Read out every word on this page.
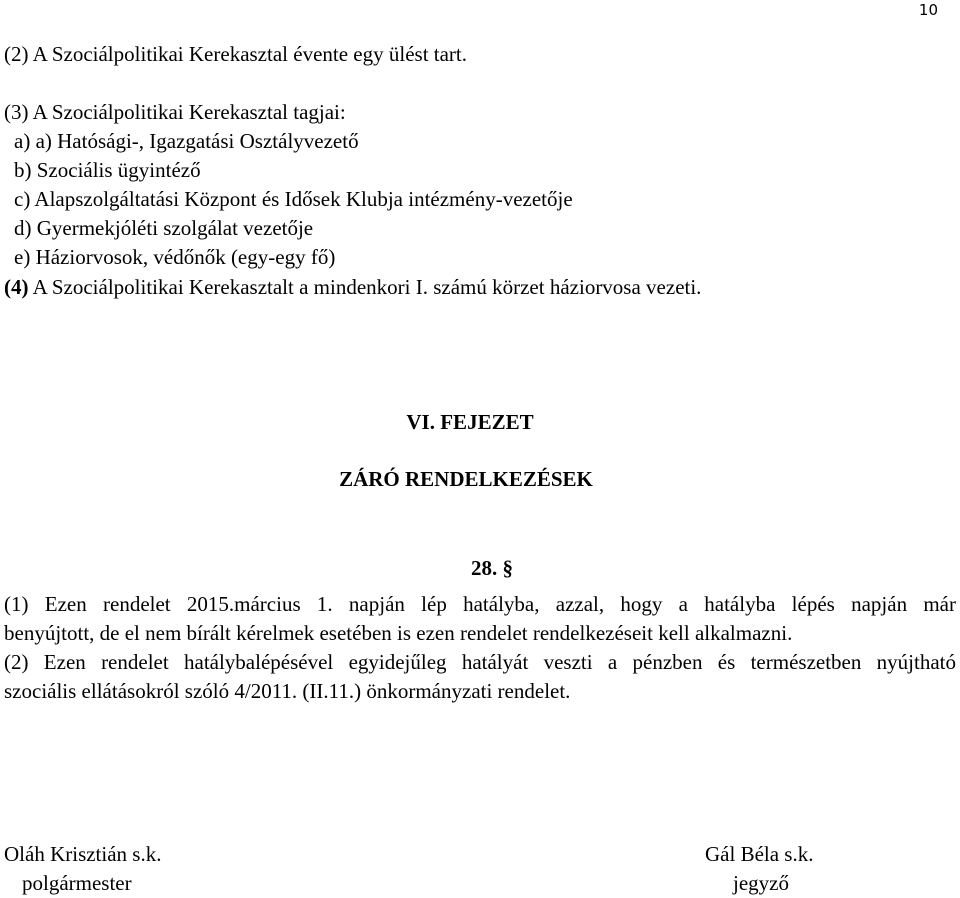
10
(2) A Szociálpolitikai Kerekasztal évente egy ülést tart.
(3) A Szociálpolitikai Kerekasztal tagjai:
a) a) Hatósági-, Igazgatási Osztályvezető
b) Szociális ügyintéző
c) Alapszolgáltatási Központ és Idősek Klubja intézmény-vezetője
d) Gyermekjóléti szolgálat vezetője
e) Háziorvosok, védőnők (egy-egy fő)
(4) A Szociálpolitikai Kerekasztalt a mindenkori I. számú körzet háziorvosa vezeti.
VI. FEJEZET
ZÁRÓ RENDELKEZÉSEK
28. §
(1) Ezen rendelet 2015.március 1. napján lép hatályba, azzal, hogy a hatályba lépés napján már
benyújtott, de el nem bírált kérelmek esetében is ezen rendelet rendelkezéseit kell alkalmazni.
(2) Ezen rendelet hatálybalépésével egyidejűleg hatályát veszti a pénzben és természetben nyújtható
szociális ellátásokról szóló 4/2011. (II.11.) önkormányzati rendelet.
Oláh Krisztián s.k.
polgármester
Gál Béla s.k.
jegyző
